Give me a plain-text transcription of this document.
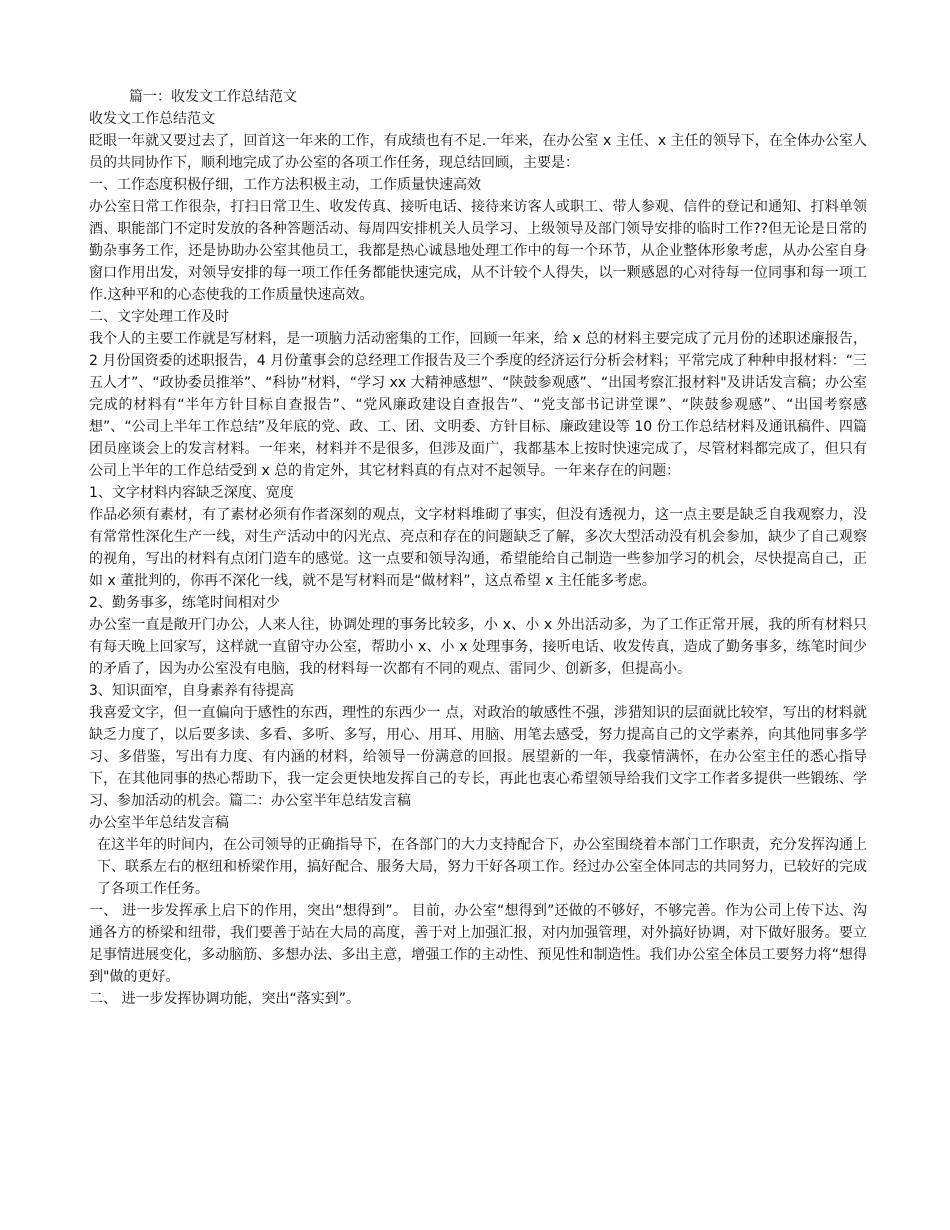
篇一：收发文工作总结范文

收发文工作总结范文

眨眼一年就又要过去了，回首这一年来的工作，有成绩也有不足.一年来，在办公室 x 主任、x 主任的领导下，在全体办公室人员的共同协作下，顺利地完成了办公室的各项工作任务，现总结回顾，主要是：

一、工作态度积极仔细，工作方法积极主动，工作质量快速高效

办公室日常工作很杂，打扫日常卫生、收发传真、接听电话、接待来访客人或职工、带人参观、信件的登记和通知、打料单领酒、职能部门不定时发放的各种答题活动、每周四安排机关人员学习、上级领导及部门领导安排的临时工作??但无论是日常的勤杂事务工作，还是协助办公室其他员工，我都是热心诚恳地处理工作中的每一个环节，从企业整体形象考虑，从办公室自身窗口作用出发，对领导安排的每一项工作任务都能快速完成，从不计较个人得失，以一颗感恩的心对待每一位同事和每一项工作.这种平和的心态使我的工作质量快速高效。

二、文字处理工作及时

我个人的主要工作就是写材料，是一项脑力活动密集的工作，回顾一年来，给 x 总的材料主要完成了元月份的述职述廉报告，2 月份国资委的述职报告，4 月份董事会的总经理工作报告及三个季度的经济运行分析会材料；平常完成了种种申报材料：“三五人才”、“政协委员推举”、“科协”材料，“学习 xx 大精神感想”、“陕鼓参观感”、“出国考察汇报材料"及讲话发言稿；办公室完成的材料有“半年方针目标自查报告”、“党风廉政建设自查报告”、“党支部书记讲堂课”、“陕鼓参观感”、“出国考察感想”、“公司上半年工作总结”及年底的党、政、工、团、文明委、方针目标、廉政建设等 10 份工作总结材料及通讯稿件、四篇团员座谈会上的发言材料。一年来，材料并不是很多，但涉及面广，我都基本上按时快速完成了，尽管材料都完成了，但只有公司上半年的工作总结受到 x 总的肯定外，其它材料真的有点对不起领导。一年来存在的问题：

1、文字材料内容缺乏深度、宽度

作品必须有素材，有了素材必须有作者深刻的观点，文字材料堆砌了事实，但没有透视力，这一点主要是缺乏自我观察力，没有常常性深化生产一线，对生产活动中的闪光点、亮点和存在的问题缺乏了解，多次大型活动没有机会参加，缺少了自己观察的视角，写出的材料有点闭门造车的感觉。这一点要和领导沟通，希望能给自己制造一些参加学习的机会，尽快提高自己，正如 x 董批判的，你再不深化一线，就不是写材料而是“做材料”，这点希望 x 主任能多考虑。

2、勤务事多，练笔时间相对少

办公室一直是敞开门办公，人来人往，协调处理的事务比较多，小 x、小 x 外出活动多，为了工作正常开展，我的所有材料只有每天晚上回家写，这样就一直留守办公室，帮助小 x、小 x 处理事务，接听电话、收发传真，造成了勤务事多，练笔时间少的矛盾了，因为办公室没有电脑，我的材料每一次都有不同的观点、雷同少、创新多，但提高小。

3、知识面窄，自身素养有待提高

我喜爱文字，但一直偏向于感性的东西，理性的东西少一 点，对政治的敏感性不强，涉猎知识的层面就比较窄，写出的材料就缺乏力度了，以后要多读、多看、多听、多写，用心、用耳、用脑、用笔去感受，努力提高自己的文学素养，向其他同事多学习、多借鉴，写出有力度、有内涵的材料，给领导一份满意的回报。展望新的一年，我豪情满怀，在办公室主任的悉心指导下，在其他同事的热心帮助下，我一定会更快地发挥自己的专长，再此也衷心希望领导给我们文字工作者多提供一些锻练、学习、参加活动的机会。篇二：办公室半年总结发言稿

办公室半年总结发言稿

在这半年的时间内，在公司领导的正确指导下，在各部门的大力支持配合下，办公室围绕着本部门工作职责，充分发挥沟通上下、联系左右的枢纽和桥梁作用，搞好配合、服务大局，努力干好各项工作。经过办公室全体同志的共同努力，已较好的完成了各项工作任务。

一、 进一步发挥承上启下的作用，突出“想得到”。 目前，办公室“想得到”还做的不够好，不够完善。作为公司上传下达、沟通各方的桥梁和纽带，我们要善于站在大局的高度，善于对上加强汇报，对内加强管理，对外搞好协调，对下做好服务。要立足事情进展变化，多动脑筋、多想办法、多出主意，增强工作的主动性、预见性和制造性。我们办公室全体员工要努力将“想得到"做的更好。

二、 进一步发挥协调功能，突出“落实到”。
